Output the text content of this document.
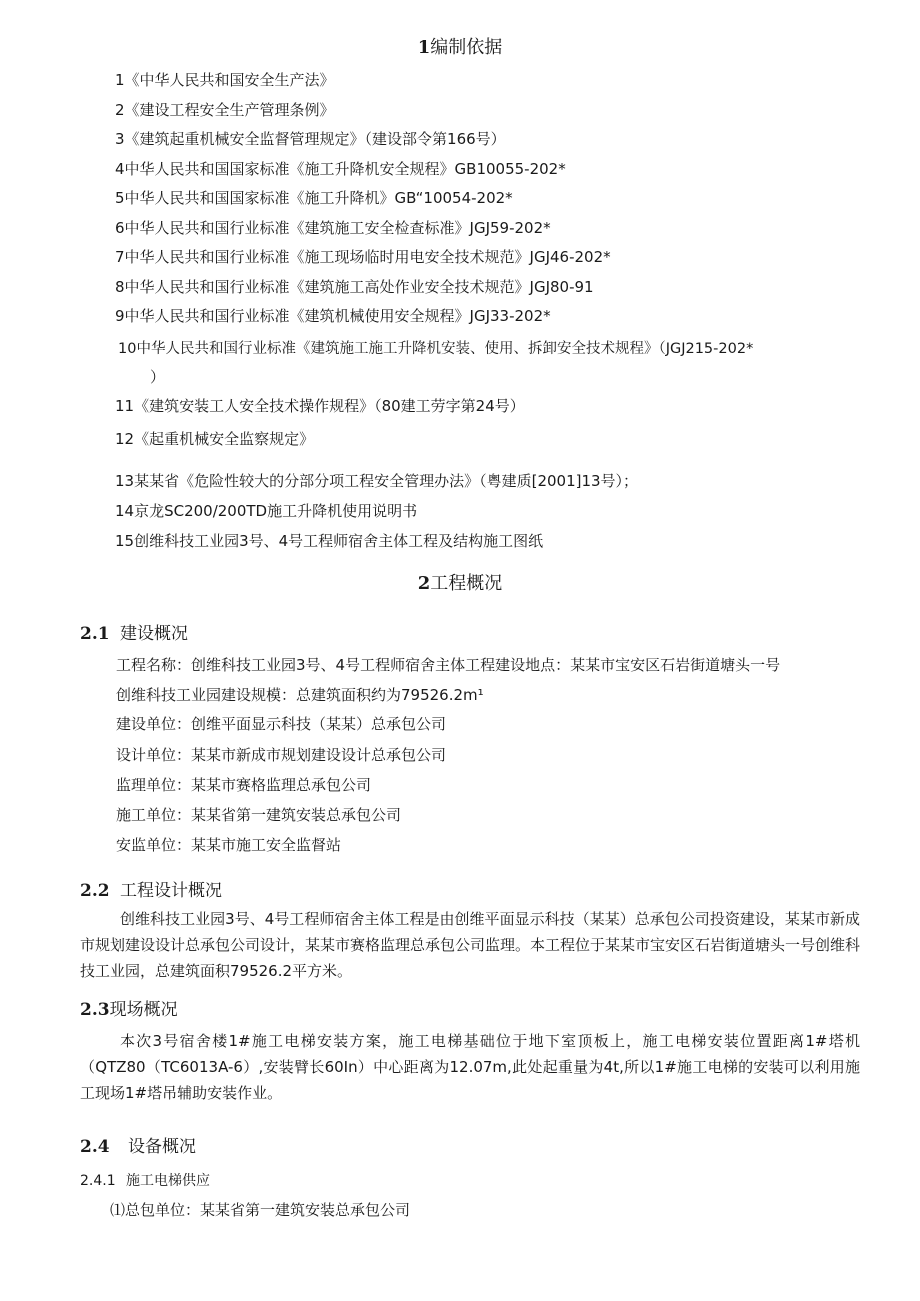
1编制依据
1《中华人民共和国安全生产法》
2《建设工程安全生产管理条例》
3《建筑起重机械安全监督管理规定》（建设部令第166号）
4中华人民共和国国家标准《施工升降机安全规程》GB10055-202*
5中华人民共和国国家标准《施工升降机》GB“10054-202*
6中华人民共和国行业标准《建筑施工安全检查标准》JGJ59-202*
7中华人民共和国行业标准《施工现场临时用电安全技术规范》JGJ46-202*
8中华人民共和国行业标准《建筑施工高处作业安全技术规范》JGJ80-91
9中华人民共和国行业标准《建筑机械使用安全规程》JGJ33-202*
10中华人民共和国行业标准《建筑施工施工升降机安装、使用、拆卸安全技术规程》（JGJ215-202*
）
11《建筑安装工人安全技术操作规程》（80建工劳字第24号）
12《起重机械安全监察规定》
13某某省《危险性较大的分部分项工程安全管理办法》（粤建质[2001]13号）；
14京龙SC200/200TD施工升降机使用说明书
15创维科技工业园3号、4号工程师宿舍主体工程及结构施工图纸
2工程概况
2.1 建设概况
工程名称：创维科技工业园3号、4号工程师宿舍主体工程建设地点：某某市宝安区石岩街道塘头一号
创维科技工业园建设规模：总建筑面积约为79526.2m¹
建设单位：创维平面显示科技（某某）总承包公司
设计单位：某某市新成市规划建设设计总承包公司
监理单位：某某市赛格监理总承包公司
施工单位：某某省第一建筑安装总承包公司
安监单位：某某市施工安全监督站
2.2 工程设计概况
创维科技工业园3号、4号工程师宿舍主体工程是由创维平面显示科技（某某）总承包公司投资建设，某某市新成市规划建设设计总承包公司设计，某某市赛格监理总承包公司监理。本工程位于某某市宝安区石岩街道塘头一号创维科技工业园，总建筑面积79526.2平方米。
2.3现场概况
本次3号宿舍楼1#施工电梯安装方案，施工电梯基础位于地下室顶板上，施工电梯安装位置距离1#塔机（QTZ80（TC6013A-6）,安装臂长60In）中心距离为12.07m,此处起重量为4t,所以1#施工电梯的安装可以利用施工现场1#塔吊辅助安装作业。
2.4 设备概况
2.4.1 施工电梯供应
⑴总包单位：某某省第一建筑安装总承包公司
